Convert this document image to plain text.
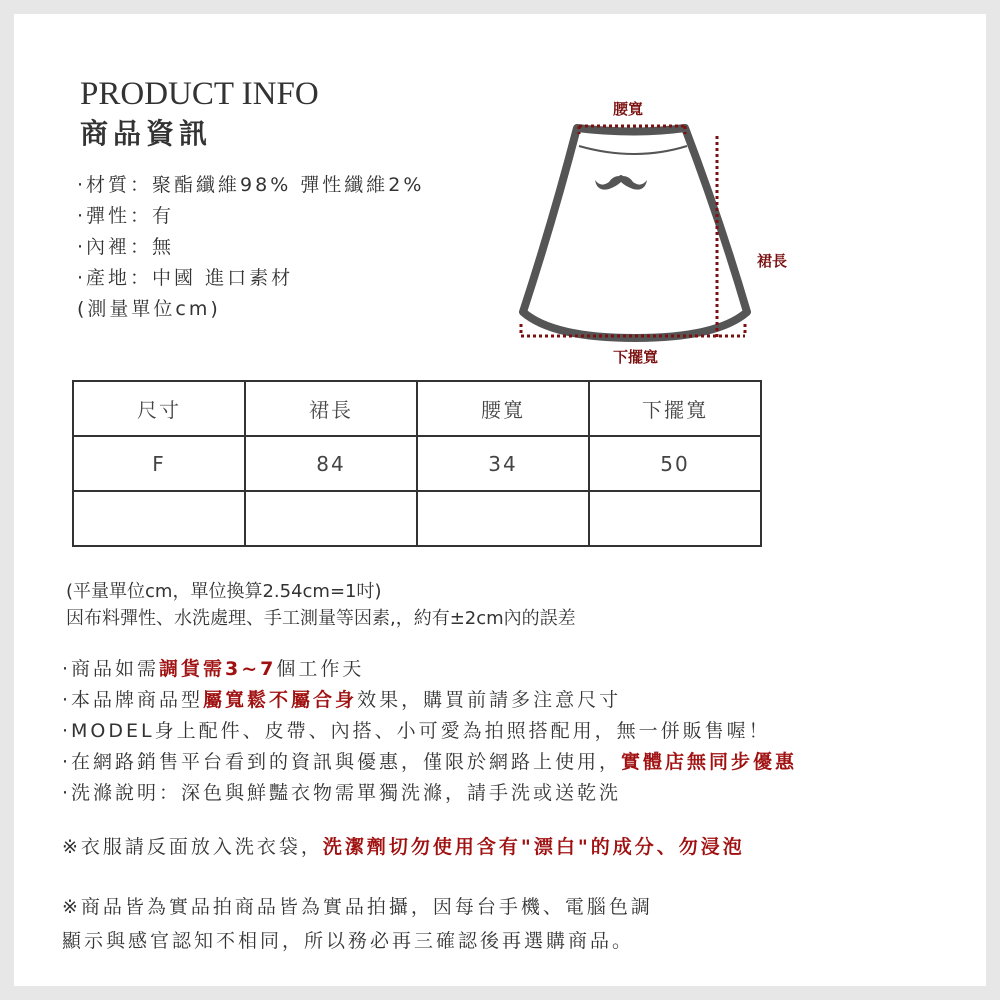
PRODUCT INFO
商品資訊
·材質：聚酯纖維98% 彈性纖維2%
·彈性：有
·內裡：無
·產地：中國 進口素材
(測量單位cm)
腰寬
裙長
下擺寬
尺寸	裙長	腰寬	下擺寬
F	84	34	50

(平量單位cm，單位換算2.54cm=1吋)
因布料彈性、水洗處理、手工測量等因素,，約有±2cm內的誤差
·商品如需調貨需3~7個工作天
·本品牌商品型屬寬鬆不屬合身效果，購買前請多注意尺寸
·MODEL身上配件、皮帶、內搭、小可愛為拍照搭配用，無一併販售喔！
·在網路銷售平台看到的資訊與優惠，僅限於網路上使用，實體店無同步優惠
·洗滌說明：深色與鮮豔衣物需單獨洗滌，請手洗或送乾洗
※衣服請反面放入洗衣袋，洗潔劑切勿使用含有"漂白"的成分、勿浸泡
※商品皆為實品拍商品皆為實品拍攝，因每台手機、電腦色調
顯示與感官認知不相同，所以務必再三確認後再選購商品。
